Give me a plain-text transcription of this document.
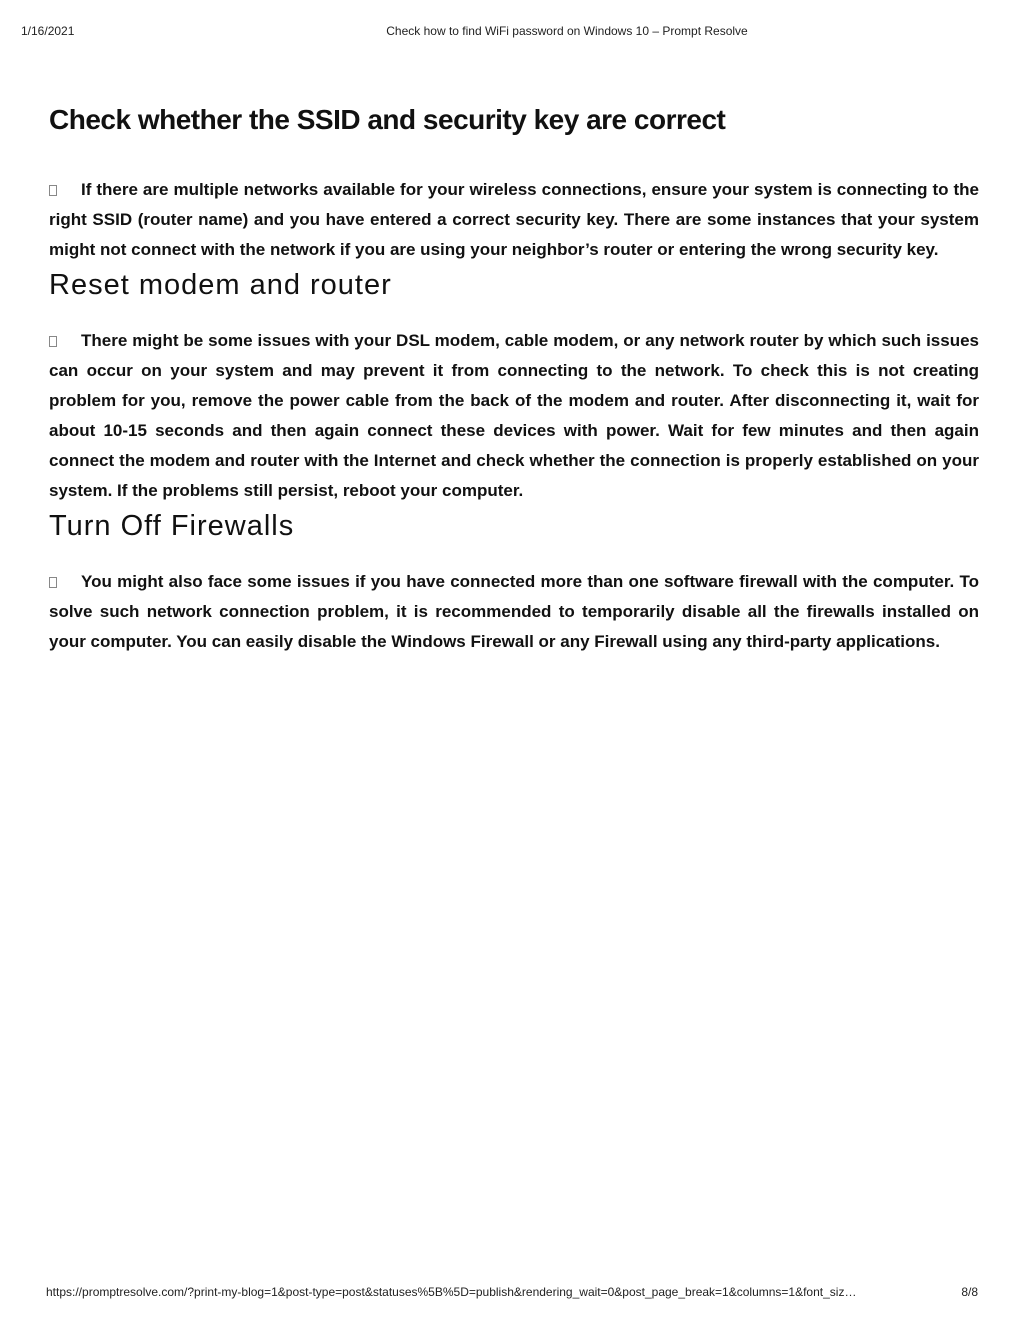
1/16/2021	Check how to find WiFi password on Windows 10 – Prompt Resolve
Check whether the SSID and security key are correct

If there are multiple networks available for your wireless connections, ensure your system is connecting to the right SSID (router name) and you have entered a correct security key. There are some instances that your system might not connect with the network if you are using your neighbor’s router or entering the wrong security key.

Reset modem and router

There might be some issues with your DSL modem, cable modem, or any network router by which such issues can occur on your system and may prevent it from connecting to the network. To check this is not creating problem for you, remove the power cable from the back of the modem and router. After disconnecting it, wait for about 10-15 seconds and then again connect these devices with power. Wait for few minutes and then again connect the modem and router with the Internet and check whether the connection is properly established on your system. If the problems still persist, reboot your computer.

Turn Off Firewalls

You might also face some issues if you have connected more than one software firewall with the computer. To solve such network connection problem, it is recommended to temporarily disable all the firewalls installed on your computer. You can easily disable the Windows Firewall or any Firewall using any third-party applications.

https://promptresolve.com/?print-my-blog=1&post-type=post&statuses%5B%5D=publish&rendering_wait=0&post_page_break=1&columns=1&font_siz…	8/8
